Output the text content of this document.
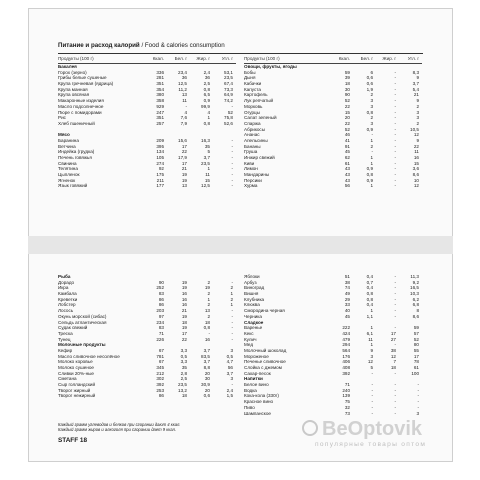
Питание и расход калорий / Food & calories consumption
Продукты (100 г)	Ккал.	Бел. г	Жир. г	Угл. г
Бакалея
Горох (зерно)	336	23,4	2,4	53,1
Грибы белые сушеные	281	36	36	23,5
Крупа гречневая (ядрица)	351	12,5	2,5	67,4
Крупа манная	354	11,2	0,8	73,3
Крупа овсяная	380	13	6,5	64,9
Макаронные изделия	358	11	0,9	74,2
Масло подсолнечное	929	-	99,9	-
Пюре с помидорами	247	4	4	52
Рис	351	7,6	1	75,8
Хлеб пшеничный	257	7,9	0,8	52,6
Мясо
Баранина	209	15,6	16,3	-
Ветчина	395	17	35	-
Индейка (грудка)	134	22	5	-
Печень говяжья	105	17,9	3,7	-
Свинина	274	17	23,5	-
Телятина	92	21	1	-
Цыпленок	175	19	11	-
Ягненок	211	19	15	-
Язык говяжий	177	13	12,5	-
Продукты (100 г)	Ккал.	Бел. г	Жир. г	Угл. г
Овощи, фрукты, ягоды
Бобы	59	6	-	8,3
Дыня	39	0,6	-	9
Кабачки	18	0,6	-	3,7
Капуста	30	1,9	-	5,4
Картофель	90	2	-	21
Лук репчатый	52	3	-	9
Морковь	22	3	-	2
Огурцы	15	0,8	-	3
Салат зеленый	20	2	-	3
Спаржа	22	3	-	2
Абрикосы	52	0,9	-	10,5
Ананас	46	-	-	12
Апельсины	41	1	-	9
Бананы	91	2	-	22
Груша	45	-	-	11
Инжир свежий	62	1	-	16
Киви	61	1	-	15
Лимон	43	0,9	-	3,6
Мандарины	43	0,8	-	8,6
Персики	43	0,9	-	10
Хурма	56	1	-	12
Рыба
Дорадо	90	19	2	-
Икра	252	19	19	2
Камбала	83	16	2	1
Креветки	86	16	1	2
Лобстер	86	16	2	1
Лосось	203	21	13	-
Окунь морской (сибас)	97	19	2	-
Сельдь атлантическая	234	18	18	-
Судак свежий	83	19	0,8	-
Треска	71	17	-	-
Тунец	226	22	16	-
Молочные продукты
Кефир	67	3,3	3,7	3
Масло сливочное несолёное	781	0,5	83,5	0,5
Молоко коровье	67	3,3	3,7	4,7
Молоко сушеное	345	35	8,8	56
Сливки 20%-ные	212	2,8	20	3,7
Сметана	302	2,5	30	3
Сыр голландский	392	23,5	30,9	-
Творог жирный	253	13,2	20	2,4
Творог нежирный	86	18	0,6	1,5
Яблоки	51	0,4	-	11,3
Арбуз	38	0,7	-	9,2
Виноград	74	0,4	-	16,5
Вишня	49	0,8	-	10,3
Клубника	29	0,8	-	6,2
Клюква	33	0,4	-	6,8
Смородина черная	40	1	-	8
Черника	45	1,1	-	8,6
Сладкое
Варенье	222	1	-	59
Кекс	424	6,1	17	57
Кулич	479	11	27	52
Мед	294	1	-	80
Молочный шоколад	564	9	38	55
Мороженое	176	3	12	17
Печенье сливочное	406	12	7	78
Слойка с джемом	408	5	18	61
Сахар-песок	392	-	-	100
Напитки
Белое вино	71	-	-	-
Водка	240	-	-	-
Кока-кола (330г)	139	-	-	-
Красное вино	75	-	-	-
Пиво	32	-	-	-
Шампанское	73	-	-	3
Каждый грамм углеводов и белков при сгорании дают 4 ккал.
Каждый грамм жиров и алкоголя при сгорании дает 9 ккал.
STAFF 18
BeOptovik
популярные товары оптом
